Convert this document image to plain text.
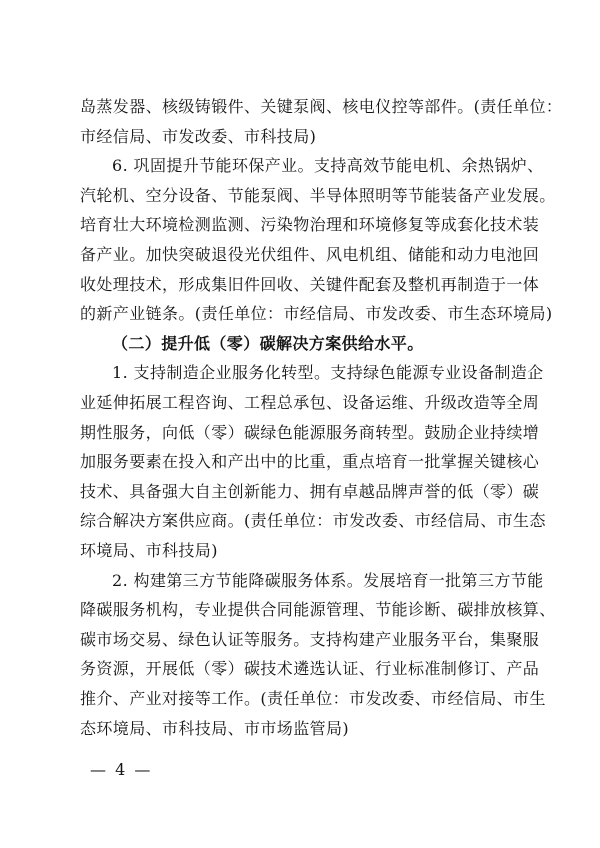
岛蒸发器、核级铸锻件、关键泵阀、核电仪控等部件。(责任单位：
市经信局、市发改委、市科技局)
6. 巩固提升节能环保产业。支持高效节能电机、余热锅炉、
汽轮机、空分设备、节能泵阀、半导体照明等节能装备产业发展。
培育壮大环境检测监测、污染物治理和环境修复等成套化技术装
备产业。加快突破退役光伏组件、风电机组、储能和动力电池回
收处理技术，形成集旧件回收、关键件配套及整机再制造于一体
的新产业链条。(责任单位：市经信局、市发改委、市生态环境局)
（二）提升低（零）碳解决方案供给水平。
1. 支持制造企业服务化转型。支持绿色能源专业设备制造企
业延伸拓展工程咨询、工程总承包、设备运维、升级改造等全周
期性服务，向低（零）碳绿色能源服务商转型。鼓励企业持续增
加服务要素在投入和产出中的比重，重点培育一批掌握关键核心
技术、具备强大自主创新能力、拥有卓越品牌声誉的低（零）碳
综合解决方案供应商。(责任单位：市发改委、市经信局、市生态
环境局、市科技局)
2. 构建第三方节能降碳服务体系。发展培育一批第三方节能
降碳服务机构，专业提供合同能源管理、节能诊断、碳排放核算、
碳市场交易、绿色认证等服务。支持构建产业服务平台，集聚服
— 4 —
务资源，开展低（零）碳技术遴选认证、行业标准制修订、产品
推介、产业对接等工作。(责任单位：市发改委、市经信局、市生
态环境局、市科技局、市市场监管局)
